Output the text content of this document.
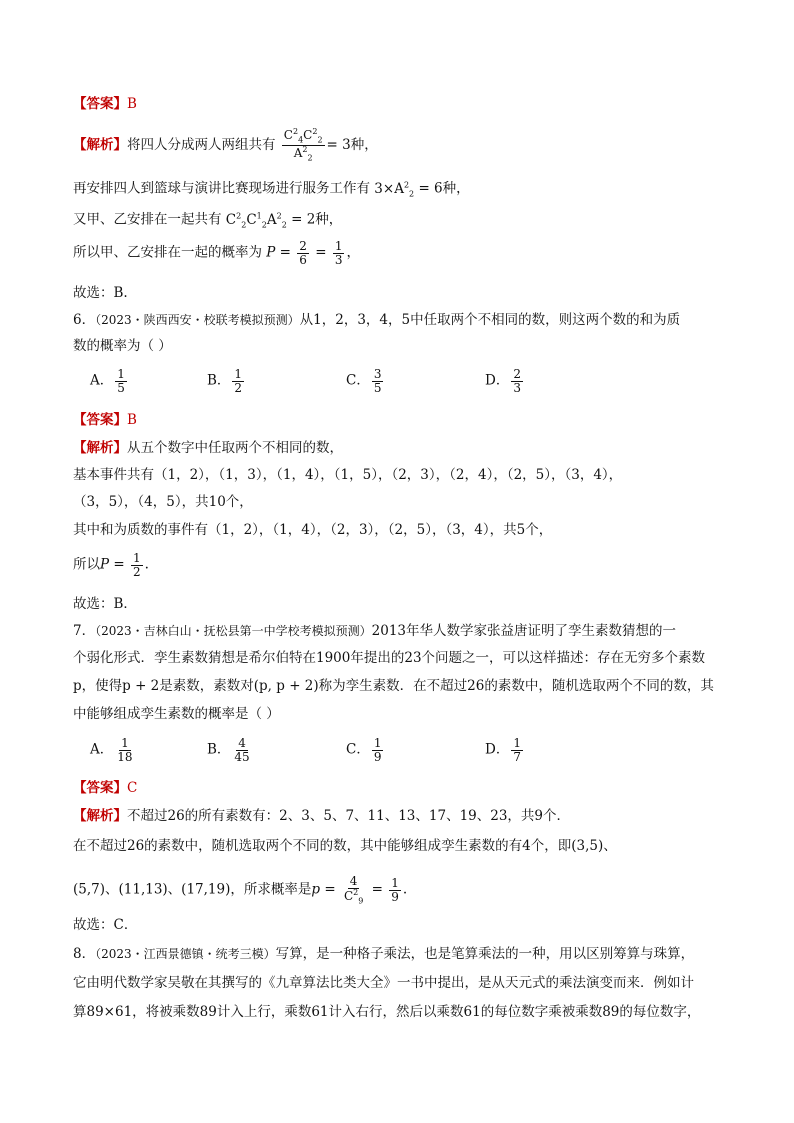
【答案】B
【解析】将四人分成两人两组共有 $\frac{C^2_4C^2_2}{A^2_2} = 3$种，
再安排四人到篮球与演讲比赛现场进行服务工作有 $3\times A^2_2 = 6$种，
又甲、乙安排在一起共有 $C^2_2C^1_2A^2_2 = 2$种，
所以甲、乙安排在一起的概率为 $P = \frac{2}{6} = \frac{1}{3}$ ，
故选：B.
6．（2023・陕西西安・校联考模拟预测）从1，2，3，4，5中任取两个不相同的数，则这两个数的和为质
数的概率为（ ）
A． $\frac{1}{5}$	B． $\frac{1}{2}$	C． $\frac{3}{5}$	D． $\frac{2}{3}$
【答案】B
【解析】从五个数字中任取两个不相同的数，
基本事件共有（1，2），（1，3），（1，4），（1，5），（2，3），（2，4），（2，5），（3，4），
（3，5），（4，5），共10个，
其中和为质数的事件有（1，2），（1，4），（2，3），（2，5），（3，4），共5个，
所以$P = \frac{1}{2}$ .
故选：B．
7．（2023・吉林白山・抚松县第一中学校考模拟预测）2013年华人数学家张益唐证明了孪生素数猜想的一
个弱化形式．孪生素数猜想是希尔伯特在1900年提出的23个问题之一，可以这样描述：存在无穷多个素数
p，使得p + 2是素数，素数对(p, p + 2)称为孪生素数．在不超过26的素数中，随机选取两个不同的数，其
中能够组成孪生素数的概率是（ ）
A． $\frac{1}{18}$	B． $\frac{4}{45}$	C． $\frac{1}{9}$	D． $\frac{1}{7}$
【答案】C
【解析】不超过26的所有素数有：2、3、5、7、11、13、17、19、23，共9个．
在不超过26的素数中，随机选取两个不同的数，其中能够组成孪生素数的有4个，即(3,5)、
(5,7)、(11,13)、(17,19)，所求概率是$p = \frac{4}{C^2_9} = \frac{1}{9}$ .
故选：C．
8．（2023・江西景德镇・统考三模）写算，是一种格子乘法，也是笔算乘法的一种，用以区别筹算与珠算，
它由明代数学家吴敬在其撰写的《九章算法比类大全》一书中提出，是从天元式的乘法演变而来．例如计
算89×61，将被乘数89计入上行，乘数61计入右行，然后以乘数61的每位数字乘被乘数89的每位数字，
